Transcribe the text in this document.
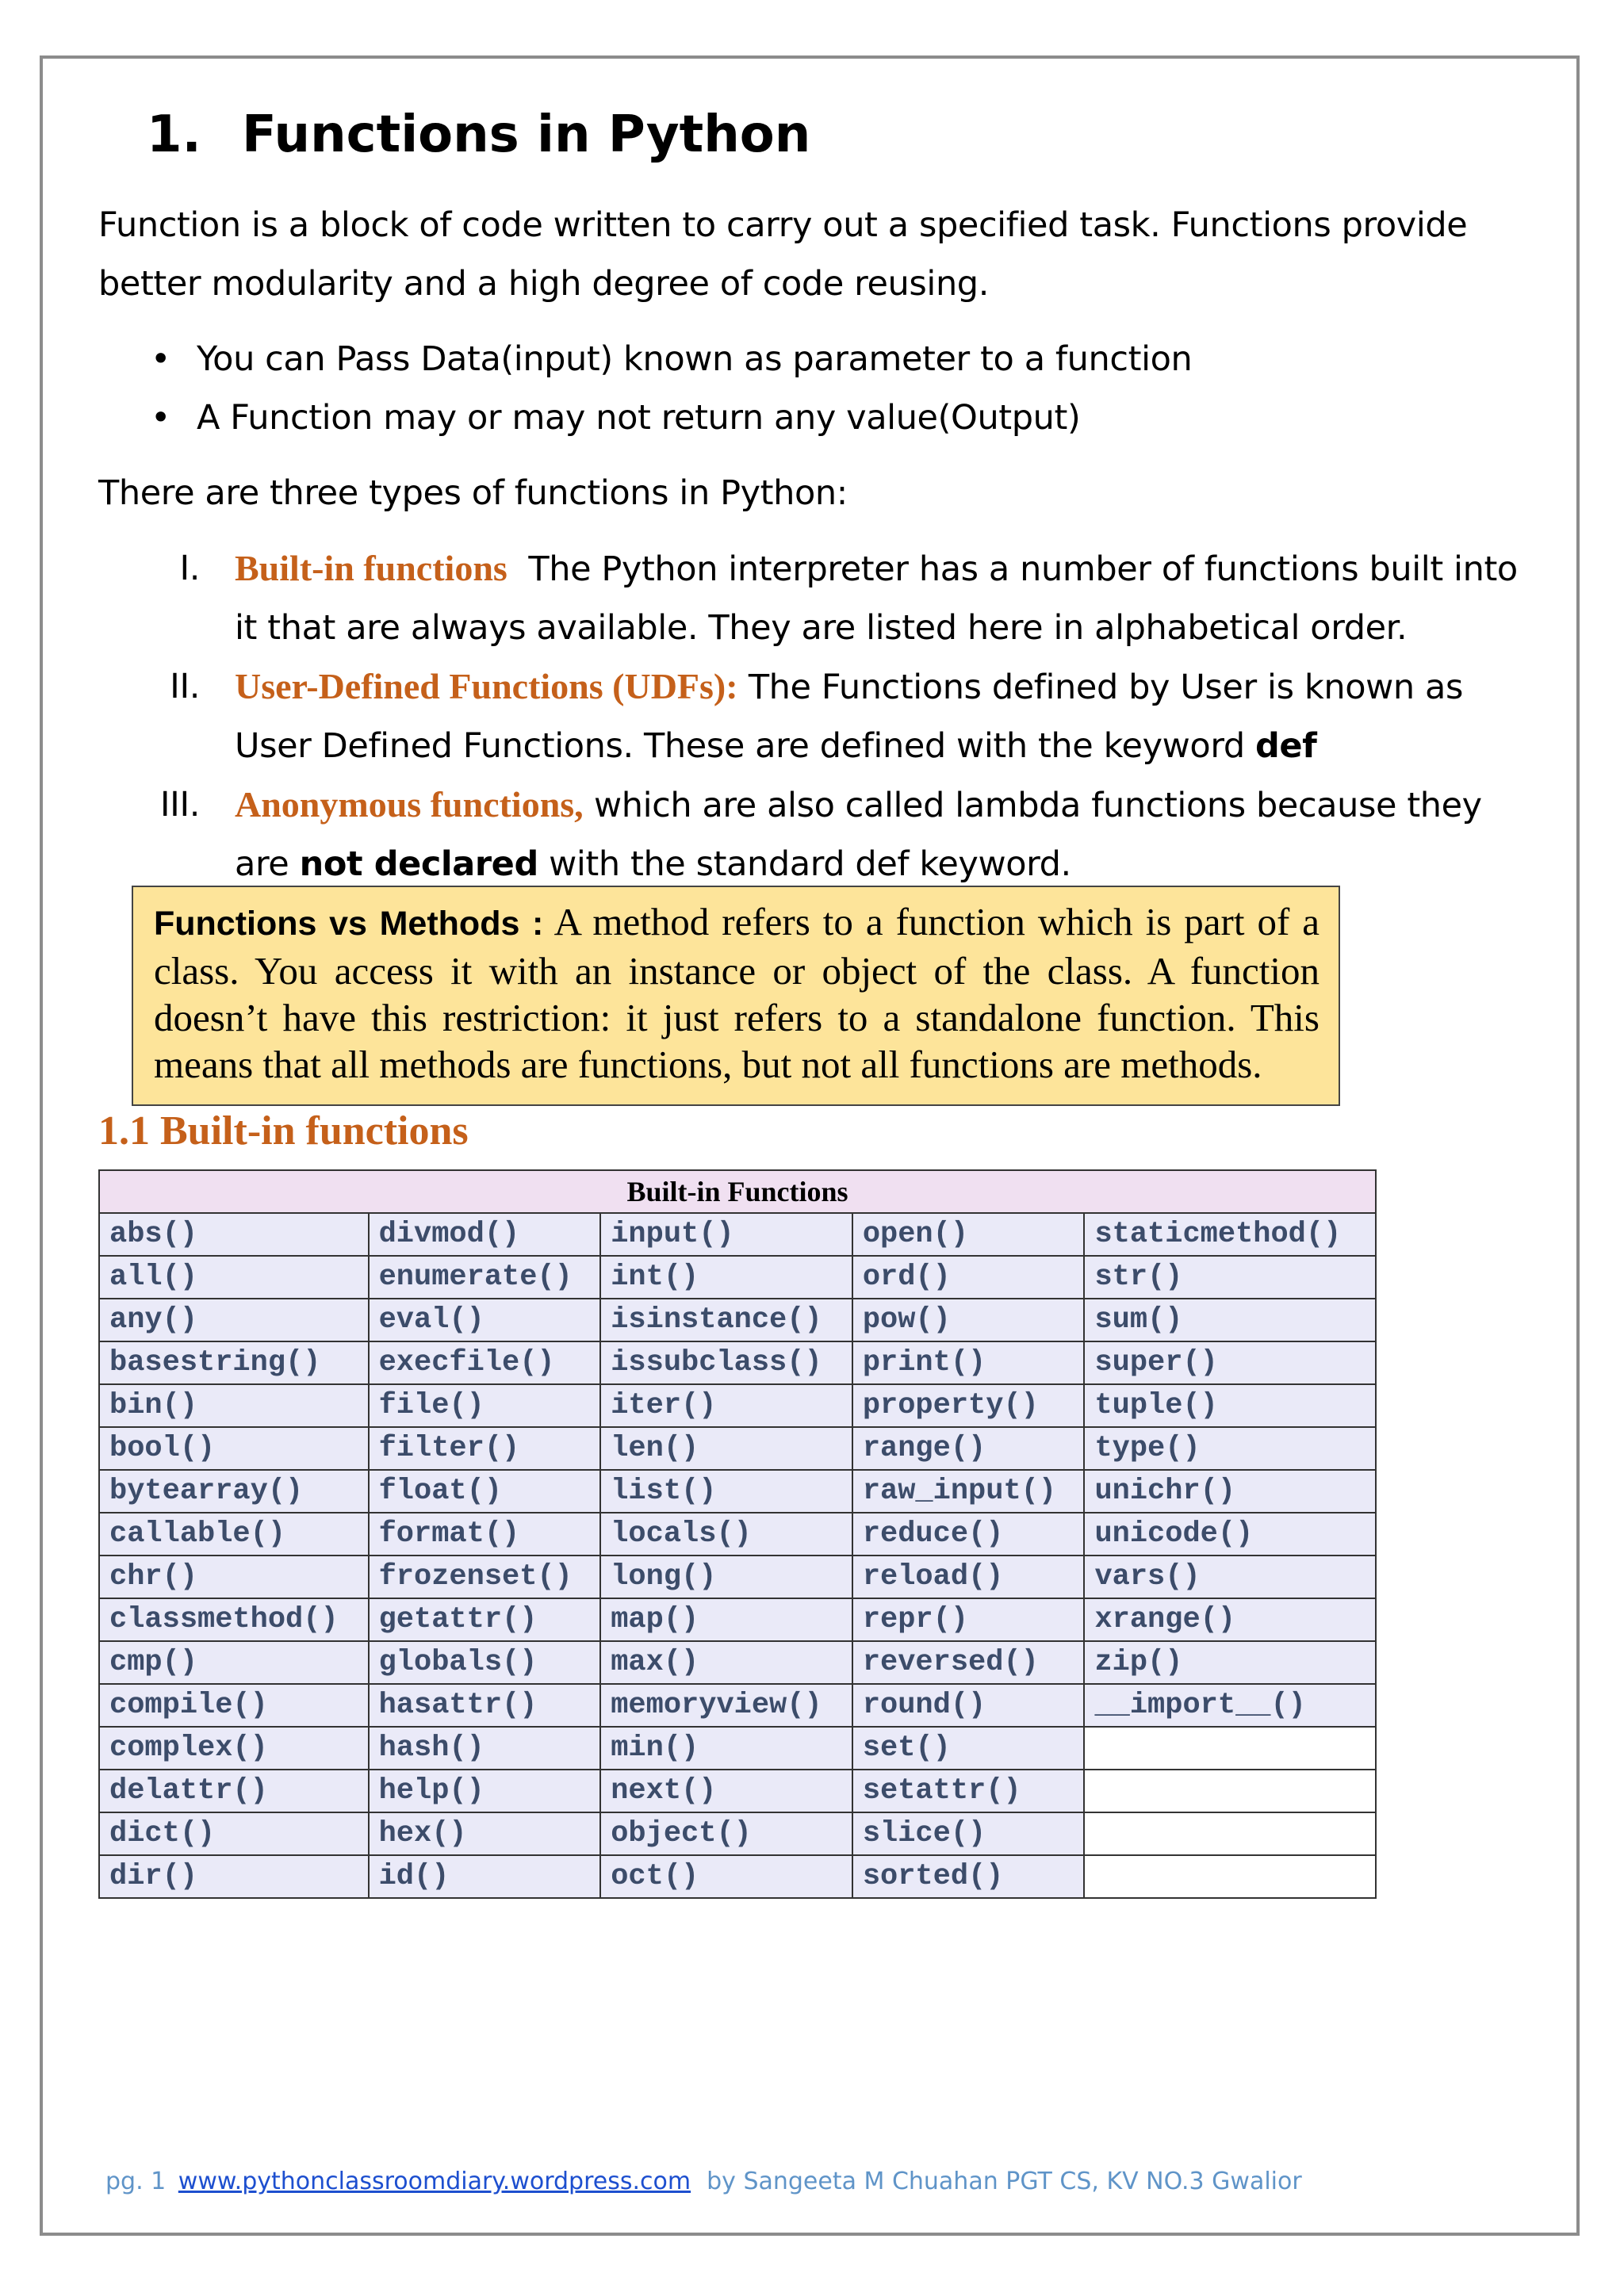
1. Functions in Python
Function is a block of code written to carry out a specified task. Functions provide better modularity and a high degree of code reusing.
• You can Pass Data(input) known as parameter to a function
• A Function may or may not return any value(Output)
There are three types of functions in Python:
I. Built-in functions  The Python interpreter has a number of functions built into it that are always available. They are listed here in alphabetical order.
II. User-Defined Functions (UDFs): The Functions defined by User is known as User Defined Functions. These are defined with the keyword def
III. Anonymous functions, which are also called lambda functions because they are not declared with the standard def keyword.
Functions vs Methods : A method refers to a function which is part of a class. You access it with an instance or object of the class. A function doesn’t have this restriction: it just refers to a standalone function. This means that all methods are functions, but not all functions are methods.
1.1 Built-in functions
Built-in Functions				
abs()	divmod()	input()	open()	staticmethod()
all()	enumerate()	int()	ord()	str()
any()	eval()	isinstance()	pow()	sum()
basestring()	execfile()	issubclass()	print()	super()
bin()	file()	iter()	property()	tuple()
bool()	filter()	len()	range()	type()
bytearray()	float()	list()	raw_input()	unichr()
callable()	format()	locals()	reduce()	unicode()
chr()	frozenset()	long()	reload()	vars()
classmethod()	getattr()	map()	repr()	xrange()
cmp()	globals()	max()	reversed()	zip()
compile()	hasattr()	memoryview()	round()	__import__()
complex()	hash()	min()	set()	
delattr()	help()	next()	setattr()	
dict()	hex()	object()	slice()	
dir()	id()	oct()	sorted()	
pg. 1 www.pythonclassroomdiary.wordpress.com by Sangeeta M Chuahan PGT CS, KV NO.3 Gwalior
